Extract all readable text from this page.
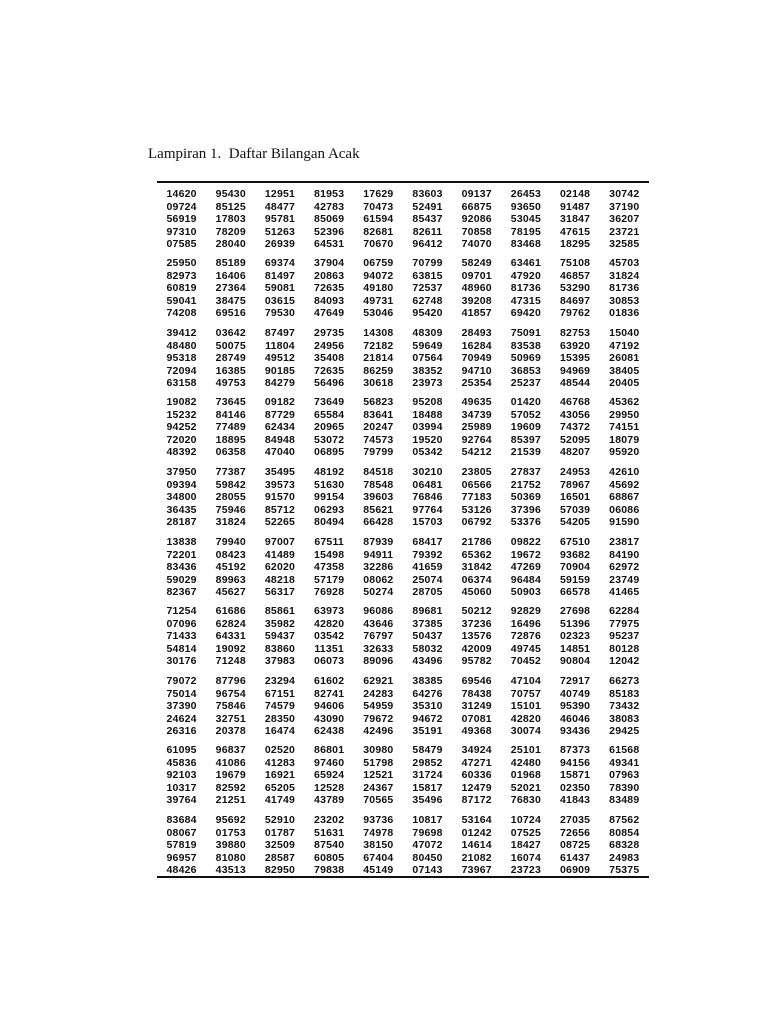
Lampiran 1.  Daftar Bilangan Acak
14620	95430	12951	81953	17629	83603	09137	26453	02148	30742
09724	85125	48477	42783	70473	52491	66875	93650	91487	37190
56919	17803	95781	85069	61594	85437	92086	53045	31847	36207
97310	78209	51263	52396	82681	82611	70858	78195	47615	23721
07585	28040	26939	64531	70670	96412	74070	83468	18295	32585
25950	85189	69374	37904	06759	70799	58249	63461	75108	45703
82973	16406	81497	20863	94072	63815	09701	47920	46857	31824
60819	27364	59081	72635	49180	72537	48960	81736	53290	81736
59041	38475	03615	84093	49731	62748	39208	47315	84697	30853
74208	69516	79530	47649	53046	95420	41857	69420	79762	01836
39412	03642	87497	29735	14308	48309	28493	75091	82753	15040
48480	50075	11804	24956	72182	59649	16284	83538	63920	47192
95318	28749	49512	35408	21814	07564	70949	50969	15395	26081
72094	16385	90185	72635	86259	38352	94710	36853	94969	38405
63158	49753	84279	56496	30618	23973	25354	25237	48544	20405
19082	73645	09182	73649	56823	95208	49635	01420	46768	45362
15232	84146	87729	65584	83641	18488	34739	57052	43056	29950
94252	77489	62434	20965	20247	03994	25989	19609	74372	74151
72020	18895	84948	53072	74573	19520	92764	85397	52095	18079
48392	06358	47040	06895	79799	05342	54212	21539	48207	95920
37950	77387	35495	48192	84518	30210	23805	27837	24953	42610
09394	59842	39573	51630	78548	06481	06566	21752	78967	45692
34800	28055	91570	99154	39603	76846	77183	50369	16501	68867
36435	75946	85712	06293	85621	97764	53126	37396	57039	06086
28187	31824	52265	80494	66428	15703	06792	53376	54205	91590
13838	79940	97007	67511	87939	68417	21786	09822	67510	23817
72201	08423	41489	15498	94911	79392	65362	19672	93682	84190
83436	45192	62020	47358	32286	41659	31842	47269	70904	62972
59029	89963	48218	57179	08062	25074	06374	96484	59159	23749
82367	45627	56317	76928	50274	28705	45060	50903	66578	41465
71254	61686	85861	63973	96086	89681	50212	92829	27698	62284
07096	62824	35982	42820	43646	37385	37236	16496	51396	77975
71433	64331	59437	03542	76797	50437	13576	72876	02323	95237
54814	19092	83860	11351	32633	58032	42009	49745	14851	80128
30176	71248	37983	06073	89096	43496	95782	70452	90804	12042
79072	87796	23294	61602	62921	38385	69546	47104	72917	66273
75014	96754	67151	82741	24283	64276	78438	70757	40749	85183
37390	75846	74579	94606	54959	35310	31249	15101	95390	73432
24624	32751	28350	43090	79672	94672	07081	42820	46046	38083
26316	20378	16474	62438	42496	35191	49368	30074	93436	29425
61095	96837	02520	86801	30980	58479	34924	25101	87373	61568
45836	41086	41283	97460	51798	29852	47271	42480	94156	49341
92103	19679	16921	65924	12521	31724	60336	01968	15871	07963
10317	82592	65205	12528	24367	15817	12479	52021	02350	78390
39764	21251	41749	43789	70565	35496	87172	76830	41843	83489
83684	95692	52910	23202	93736	10817	53164	10724	27035	87562
08067	01753	01787	51631	74978	79698	01242	07525	72656	80854
57819	39880	32509	87540	38150	47072	14614	18427	08725	68328
96957	81080	28587	60805	67404	80450	21082	16074	61437	24983
48426	43513	82950	79838	45149	07143	73967	23723	06909	75375
